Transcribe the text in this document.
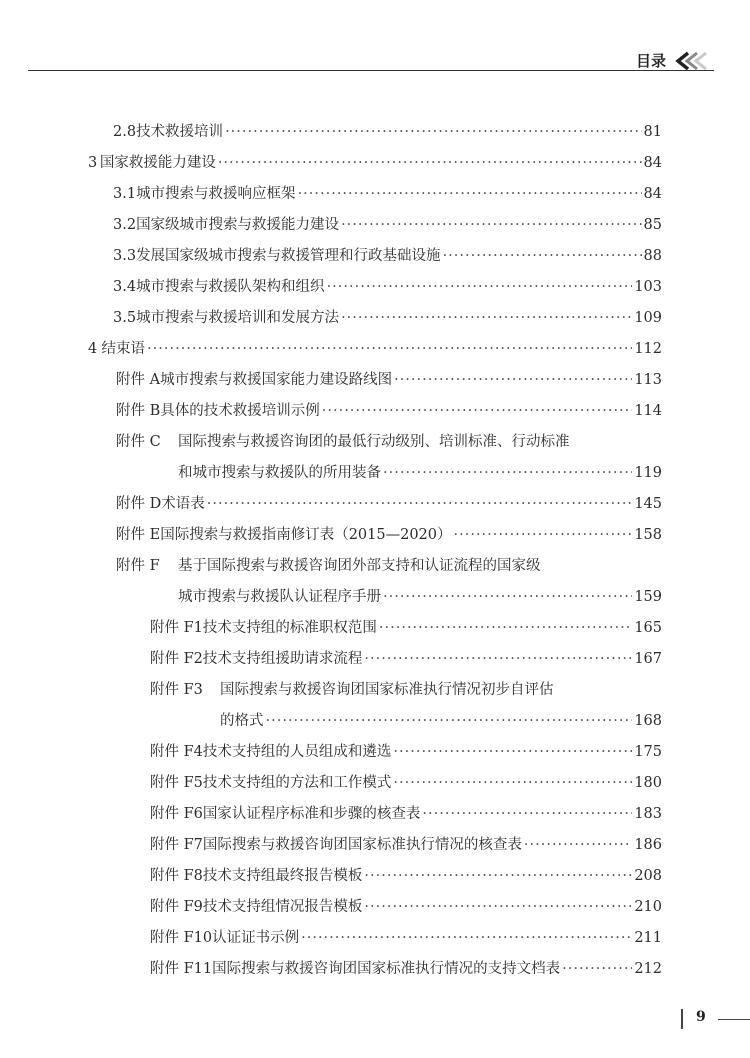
目录
2.8 技术救援培训 ·····	81
3 国家救援能力建设 ·····	84
3.1 城市搜索与救援响应框架 ·····	84
3.2 国家级城市搜索与救援能力建设 ·····	85
3.3 发展国家级城市搜索与救援管理和行政基础设施 ·····	88
3.4 城市搜索与救援队架构和组织 ·····	103
3.5 城市搜索与救援培训和发展方法 ·····	109
4 结束语 ·····	112
附件 A 城市搜索与救援国家能力建设路线图 ·····	113
附件 B 具体的技术救援培训示例 ·····	114
附件 C	国际搜索与救援咨询团的最低行动级别、培训标准、行动标准
和城市搜索与救援队的所用装备 ·····	119
附件 D 术语表 ·····	145
附件 E 国际搜索与救援指南修订表（2015—2020） ·····	158
附件 F	基于国际搜索与救援咨询团外部支持和认证流程的国家级
城市搜索与救援队认证程序手册 ·····	159
附件 F1 技术支持组的标准职权范围 ·····	165
附件 F2 技术支持组援助请求流程 ·····	167
附件 F3	国际搜索与救援咨询团国家标准执行情况初步自评估
的格式 ·····	168
附件 F4 技术支持组的人员组成和遴选 ·····	175
附件 F5 技术支持组的方法和工作模式 ·····	180
附件 F6 国家认证程序标准和步骤的核查表 ·····	183
附件 F7 国际搜索与救援咨询团国家标准执行情况的核查表 ·····	186
附件 F8 技术支持组最终报告模板 ·····	208
附件 F9 技术支持组情况报告模板 ·····	210
附件 F10 认证证书示例 ·····	211
附件 F11 国际搜索与救援咨询团国家标准执行情况的支持文档表 ·····	212
9
